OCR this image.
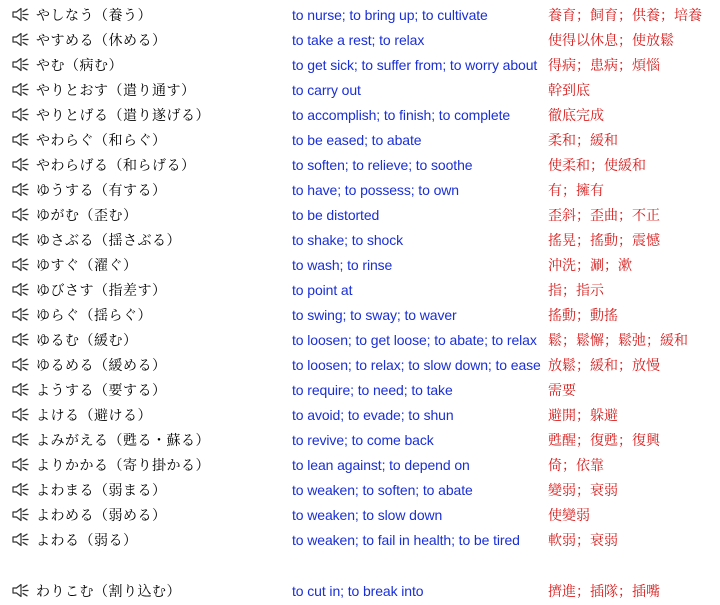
やしなう（養う）	to nurse; to bring up; to cultivate	養育；飼育；供養；培養
やすめる（休める）	to take a rest; to relax	使得以休息；使放鬆
やむ（病む）	to get sick; to suffer from; to worry about 得病；患病；煩惱
やりとおす（遣り通す）	to carry out	幹到底
やりとげる（遣り遂げる）	to accomplish; to finish; to complete	徹底完成
やわらぐ（和らぐ）	to be eased; to abate	柔和；緩和
やわらげる（和らげる）	to soften; to relieve; to soothe	使柔和；使緩和
ゆうする（有する）	to have; to possess; to own	有；擁有
ゆがむ（歪む）	to be distorted	歪斜；歪曲；不正
ゆさぶる（揺さぶる）	to shake; to shock	搖晃；搖動；震憾
ゆすぐ（濯ぐ）	to wash; to rinse	沖洗；涮；漱
ゆびさす（指差す）	to point at	指；指示
ゆらぐ（揺らぐ）	to swing; to sway; to waver	搖動；動搖
ゆるむ（緩む）	to loosen; to get loose; to abate; to relax 鬆；鬆懈；鬆弛；緩和
ゆるめる（緩める）	to loosen; to relax; to slow down; to ease 放鬆；緩和；放慢
ようする（要する）	to require; to need; to take	需要
よける（避ける）	to avoid; to evade; to shun	避開；躲避
よみがえる（甦る・蘇る）	to revive; to come back	甦醒；復甦；復興
よりかかる（寄り掛かる）	to lean against; to depend on	倚；依靠
よわまる（弱まる）	to weaken; to soften; to abate	變弱；衰弱
よわめる（弱める）	to weaken; to slow down	使變弱
よわる（弱る）	to weaken; to fail in health; to be tired	軟弱；衰弱
わりこむ（割り込む）	to cut in; to break into	擠進；插隊；插嘴
